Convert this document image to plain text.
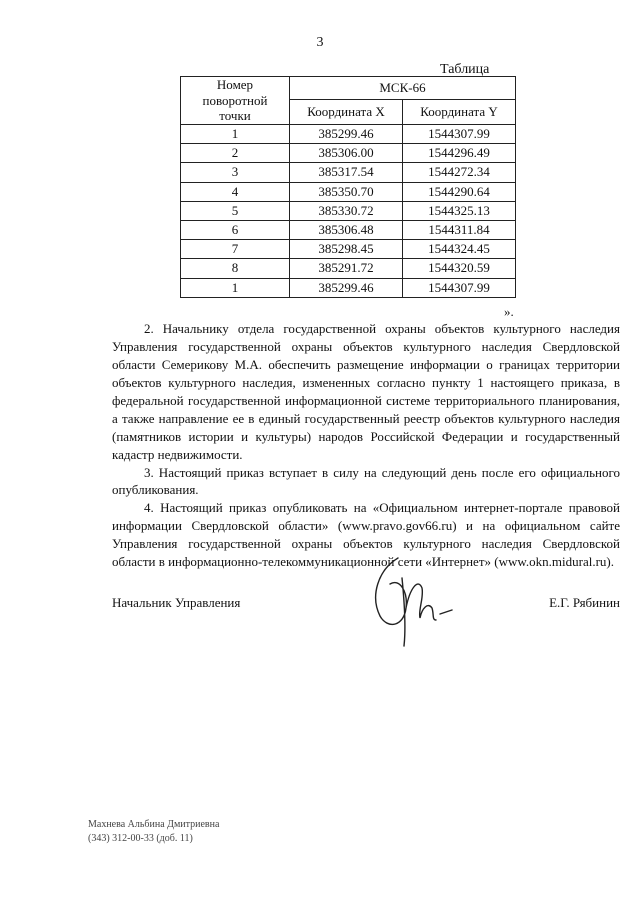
3
Таблица
Номер поворотной точки	МСК-66	
	Координата X	Координата Y
1	385299.46	1544307.99
2	385306.00	1544296.49
3	385317.54	1544272.34
4	385350.70	1544290.64
5	385330.72	1544325.13
6	385306.48	1544311.84
7	385298.45	1544324.45
8	385291.72	1544320.59
1	385299.46	1544307.99
».

2. Начальнику отдела государственной охраны объектов культурного наследия Управления государственной охраны объектов культурного наследия Свердловской области Семерикову М.А. обеспечить размещение информации о границах территории объектов культурного наследия, измененных согласно пункту 1 настоящего приказа, в федеральной государственной информационной системе территориального планирования, а также направление ее в единый государственный реестр объектов культурного наследия (памятников истории и культуры) народов Российской Федерации и государственный кадастр недвижимости.

3. Настоящий приказ вступает в силу на следующий день после его официального опубликования.

4. Настоящий приказ опубликовать на «Официальном интернет-портале правовой информации Свердловской области» (www.pravo.gov66.ru) и на официальном сайте Управления государственной охраны объектов культурного наследия Свердловской области в информационно-телекоммуникационной сети «Интернет» (www.okn.midural.ru).

Начальник Управления	Е.Г. Рябинин
Махнева Альбина Дмитриевна
(343) 312-00-33 (доб. 11)
